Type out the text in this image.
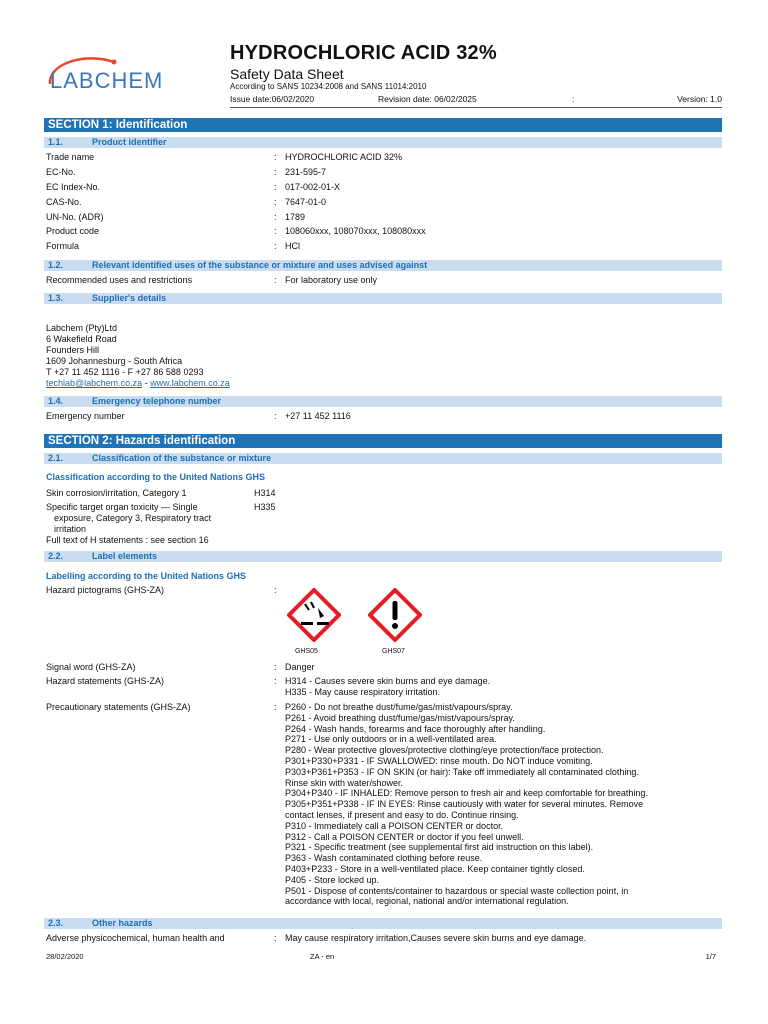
LABCHEM
HYDROCHLORIC ACID 32%
Safety Data Sheet
According to SANS 10234:2008 and SANS 11014:2010
Issue date:06/02/2020	Revision date: 06/02/2025	:	Version: 1.0
SECTION 1: Identification
1.1.	Product identifier
Trade name	: HYDROCHLORIC ACID 32%
EC-No.	: 231-595-7
EC Index-No.	: 017-002-01-X
CAS-No.	: 7647-01-0
UN-No. (ADR)	: 1789
Product code	: 108060xxx, 108070xxx, 108080xxx
Formula	: HCl
1.2.	Relevant identified uses of the substance or mixture and uses advised against
Recommended uses and restrictions	: For laboratory use only
1.3.	Supplier's details
Labchem (Pty)Ltd
6 Wakefield Road
Founders Hill
1609 Johannesburg - South Africa
T +27 11 452 1116 - F +27 86 588 0293
techlab@labchem.co.za - www.labchem.co.za
1.4.	Emergency telephone number
Emergency number	: +27 11 452 1116
SECTION 2: Hazards identification
2.1.	Classification of the substance or mixture
Classification according to the United Nations GHS
Skin corrosion/irritation, Category 1	H314
Specific target organ toxicity — Single	H335
exposure, Category 3, Respiratory tract
irritation
Full text of H statements : see section 16
2.2.	Label elements
Labelling according to the United Nations GHS
Hazard pictograms (GHS-ZA)	:
GHS05	GHS07
Signal word (GHS-ZA)	: Danger
Hazard statements (GHS-ZA)	: H314 - Causes severe skin burns and eye damage.
H335 - May cause respiratory irritation.
Precautionary statements (GHS-ZA)	: P260 - Do not breathe dust/fume/gas/mist/vapours/spray.
P261 - Avoid breathing dust/fume/gas/mist/vapours/spray.
P264 - Wash hands, forearms and face thoroughly after handling.
P271 - Use only outdoors or in a well-ventilated area.
P280 - Wear protective gloves/protective clothing/eye protection/face protection.
P301+P330+P331 - IF SWALLOWED: rinse mouth. Do NOT induce vomiting.
P303+P361+P353 - IF ON SKIN (or hair): Take off immediately all contaminated clothing.
Rinse skin with water/shower.
P304+P340 - IF INHALED: Remove person to fresh air and keep comfortable for breathing.
P305+P351+P338 - IF IN EYES: Rinse cautiously with water for several minutes. Remove
contact lenses, if present and easy to do. Continue rinsing.
P310 - Immediately call a POISON CENTER or doctor.
P312 - Call a POISON CENTER or doctor if you feel unwell.
P321 - Specific treatment (see supplemental first aid instruction on this label).
P363 - Wash contaminated clothing before reuse.
P403+P233 - Store in a well-ventilated place. Keep container tightly closed.
P405 - Store locked up.
P501 - Dispose of contents/container to hazardous or special waste collection point, in
accordance with local, regional, national and/or international regulation.
2.3.	Other hazards
Adverse physicochemical, human health and	: May cause respiratory irritation,Causes severe skin burns and eye damage.
28/02/2020	ZA - en	1/7
